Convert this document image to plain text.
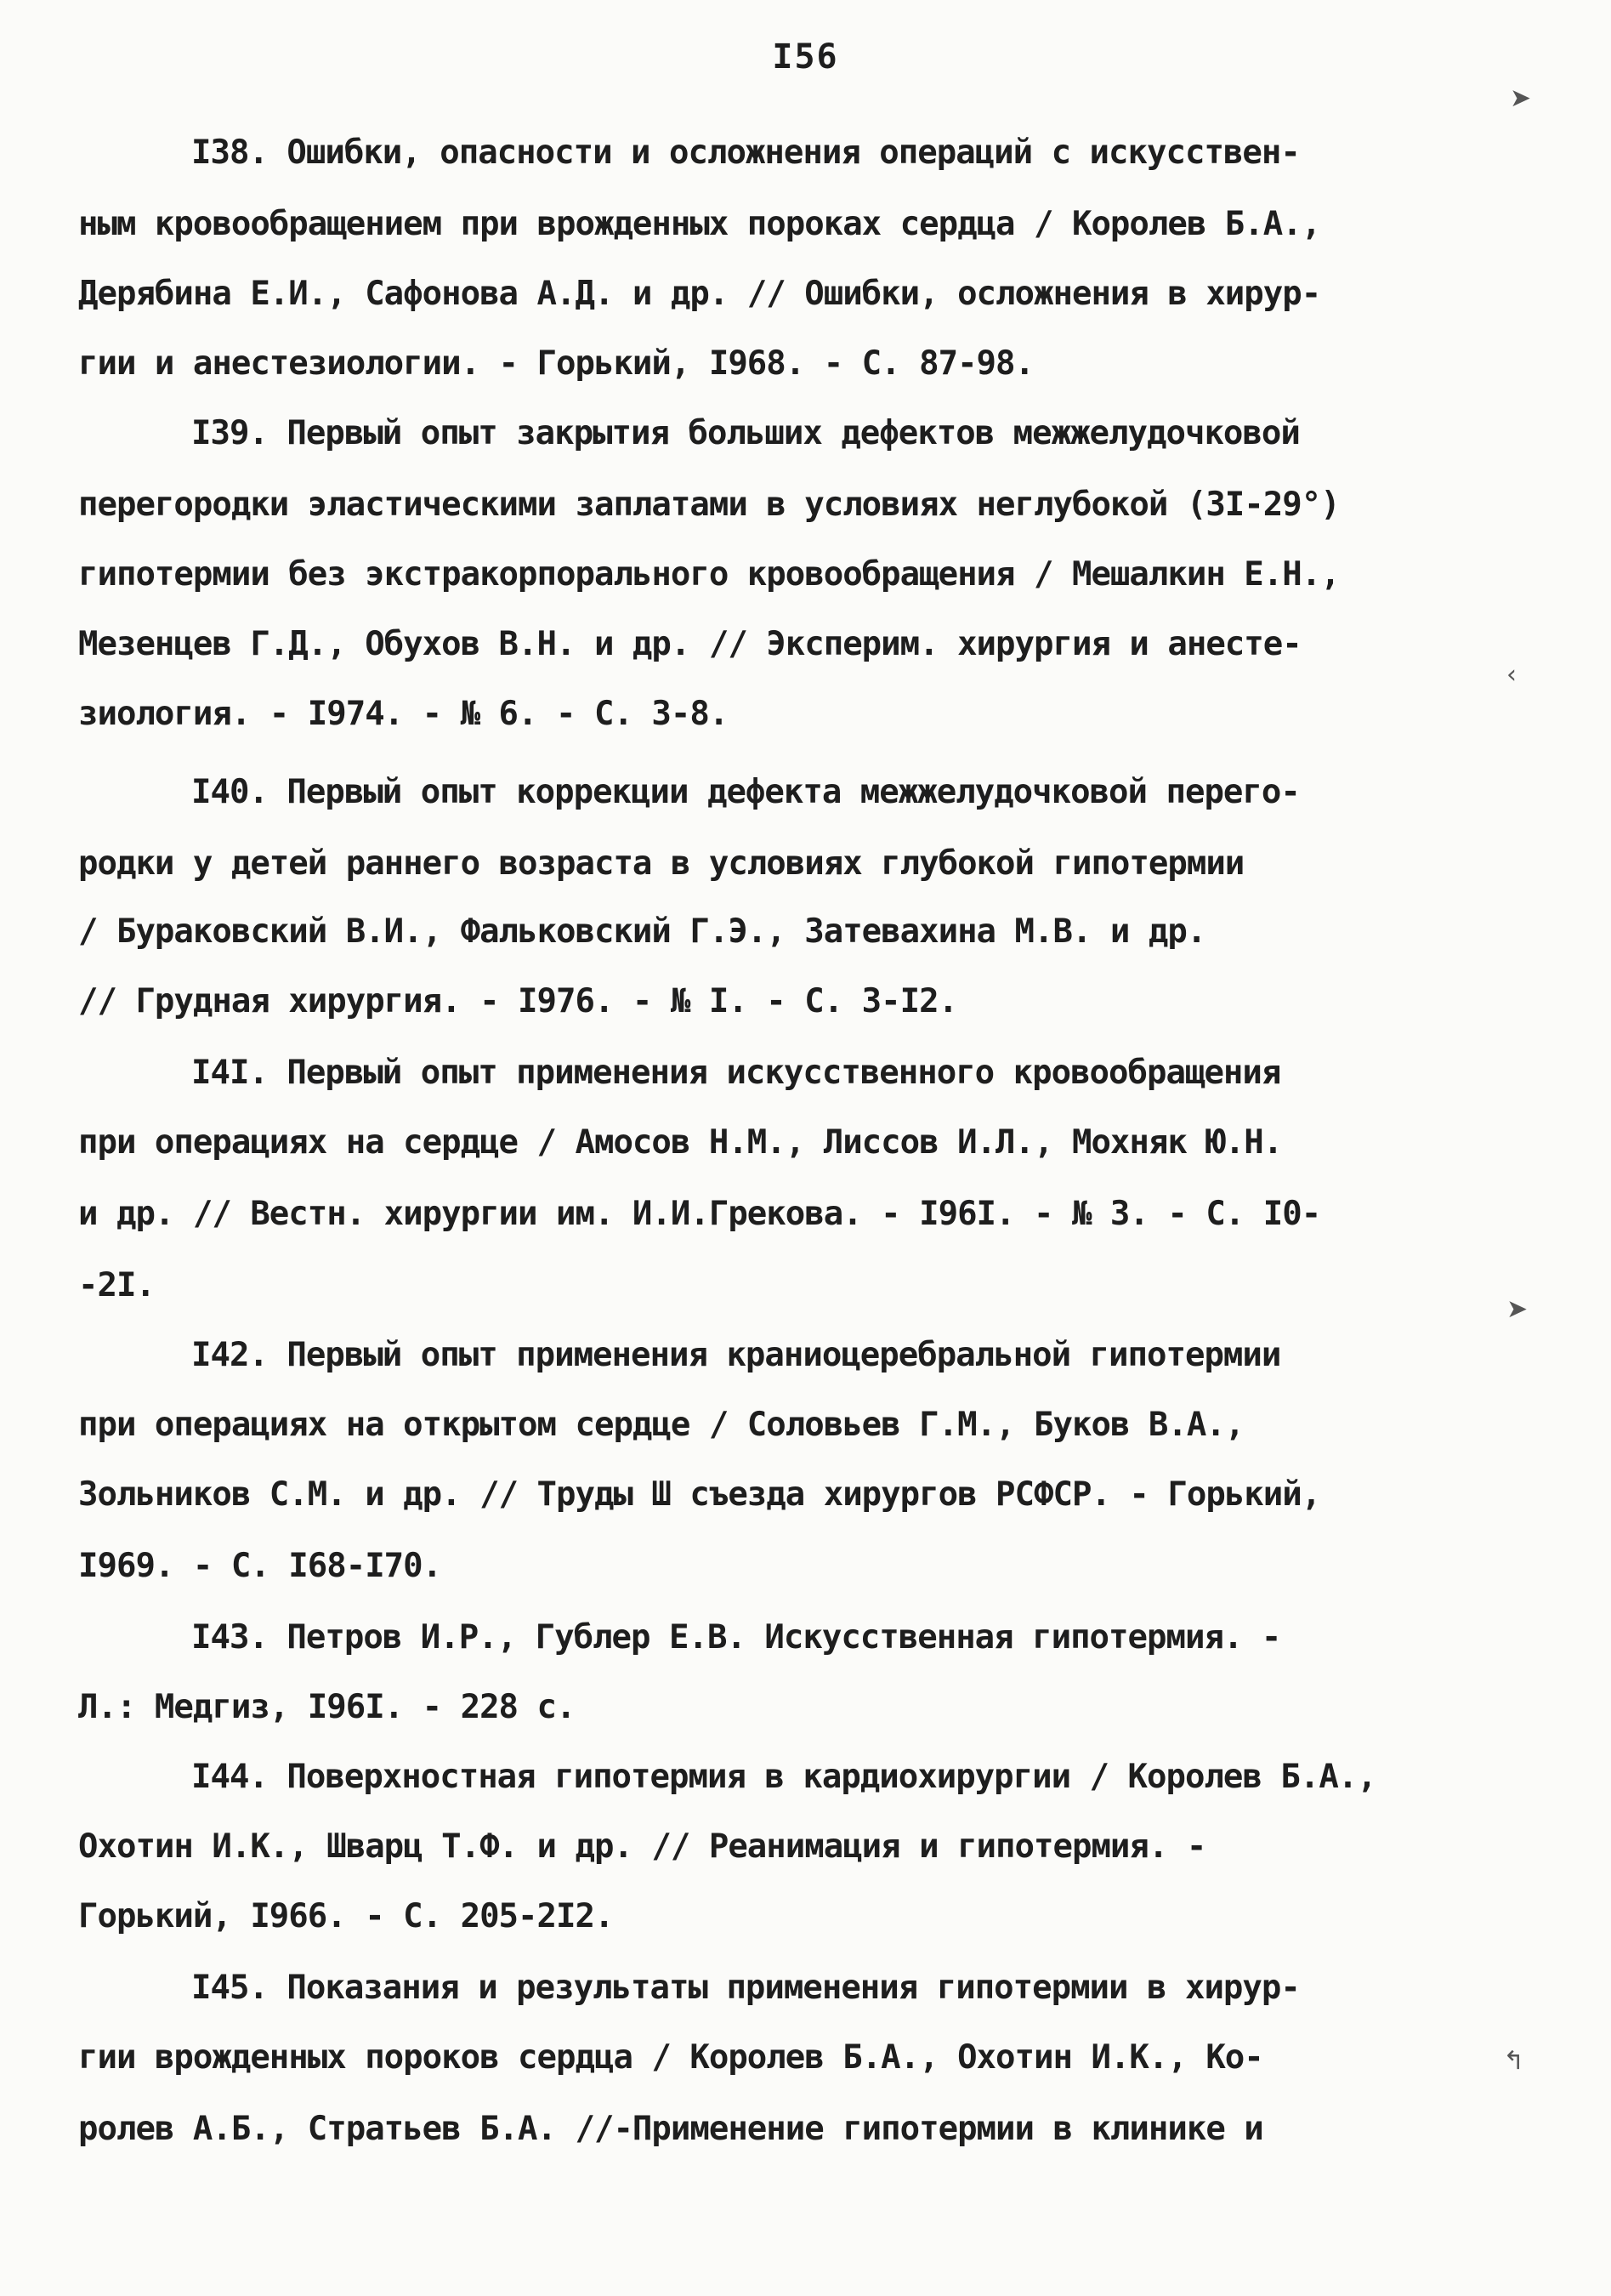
I56
I38. Ошибки, опасности и осложнения операций с искусствен-
ным кровообращением при врожденных пороках сердца / Королев Б.А.,
Дерябина Е.И., Сафонова А.Д. и др. // Ошибки, осложнения в хирур-
гии и анестезиологии. - Горький, I968. - С. 87-98.
I39. Первый опыт закрытия больших дефектов межжелудочковой
перегородки эластическими заплатами в условиях неглубокой (3I-29°)
гипотермии без экстракорпорального кровообращения / Мешалкин Е.Н.,
Мезенцев Г.Д., Обухов В.Н. и др. // Эксперим. хирургия и анесте-
зиология. - I974. - № 6. - С. 3-8.
I40. Первый опыт коррекции дефекта межжелудочковой перего-
родки у детей раннего возраста в условиях глубокой гипотермии
/ Бураковский В.И., Фальковский Г.Э., Затевахина М.В. и др.
// Грудная хирургия. - I976. - № I. - С. 3-I2.
I4I. Первый опыт применения искусственного кровообращения
при операциях на сердце / Амосов Н.М., Лиссов И.Л., Мохняк Ю.Н.
и др. // Вестн. хирургии им. И.И.Грекова. - I96I. - № 3. - С. I0-
-2I.
I42. Первый опыт применения краниоцеребральной гипотермии
при операциях на открытом сердце / Соловьев Г.М., Буков В.А.,
Зольников С.М. и др. // Труды Ш съезда хирургов РСФСР. - Горький,
I969. - С. I68-I70.
I43. Петров И.Р., Гублер Е.В. Искусственная гипотермия. -
Л.: Медгиз, I96I. - 228 с.
I44. Поверхностная гипотермия в кардиохирургии / Королев Б.А.,
Охотин И.К., Шварц Т.Ф. и др. // Реанимация и гипотермия. -
Горький, I966. - С. 205-2I2.
I45. Показания и результаты применения гипотермии в хирур-
гии врожденных пороков сердца / Королев Б.А., Охотин И.К., Ко-
ролев А.Б., Стратьев Б.А. //-Применение гипотермии в клинике и
➤
‹
➤
↰
